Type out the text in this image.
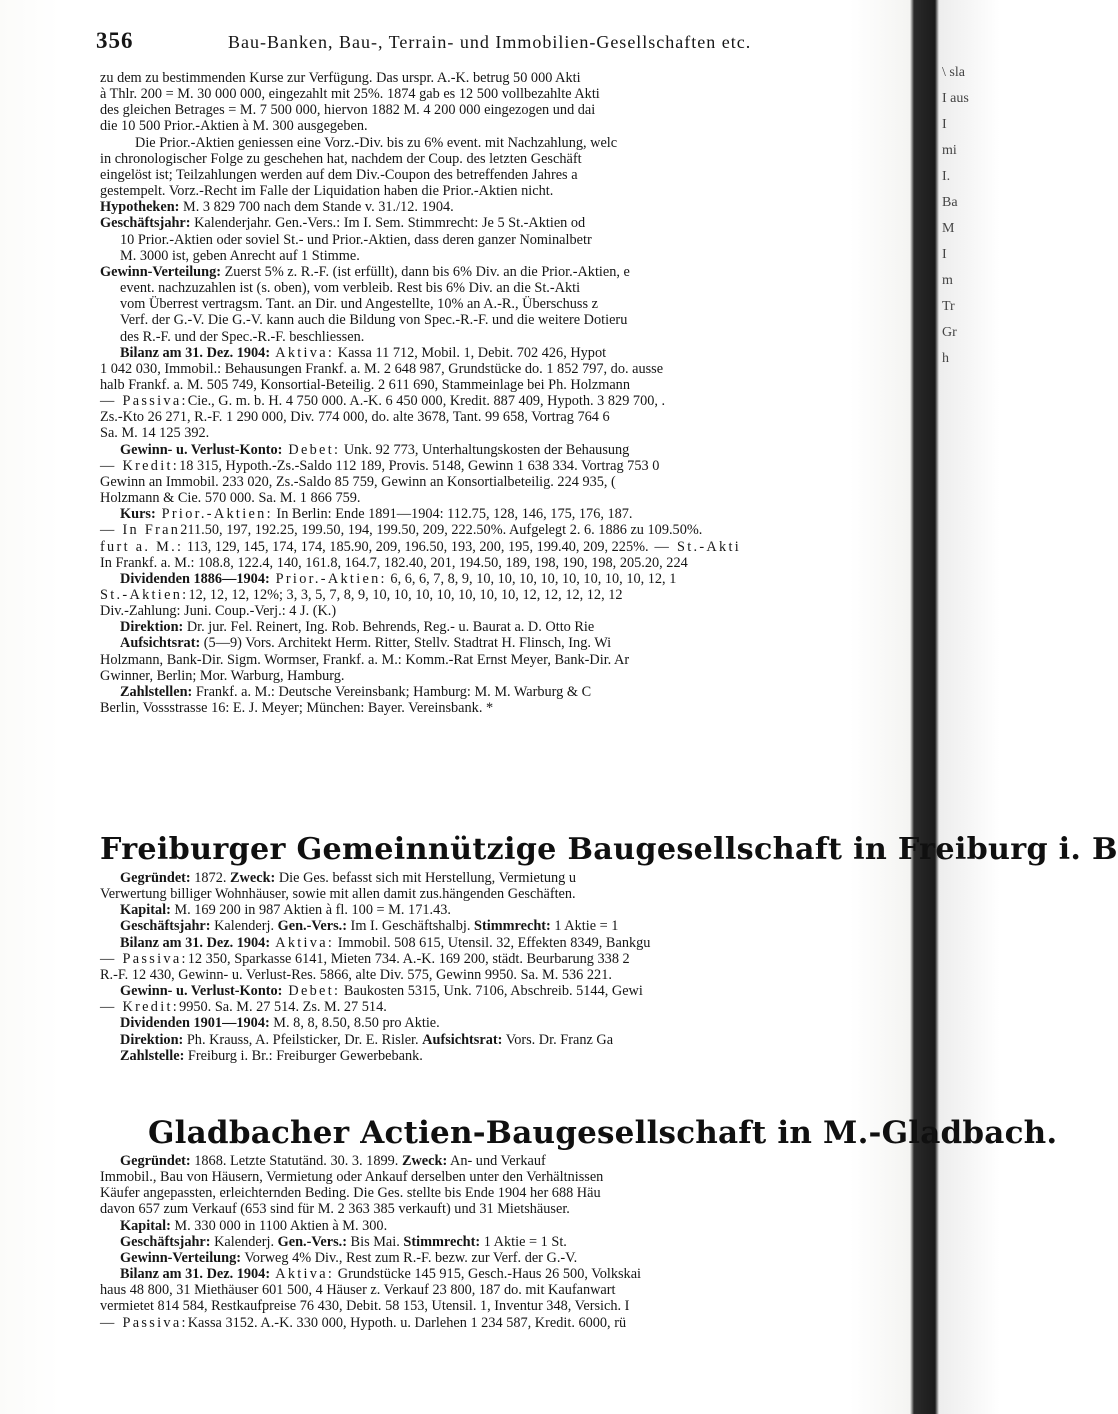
356	Bau-Banken, Bau-, Terrain- und Immobilien-Gesellschaften etc.

zu dem zu bestimmenden Kurse zur Verfügung. Das urspr. A.-K. betrug 50 000 Akti

à Thlr. 200 = M. 30 000 000, eingezahlt mit 25%. 1874 gab es 12 500 vollbezahlte Akti

des gleichen Betrages = M. 7 500 000, hiervon 1882 M. 4 200 000 eingezogen und dai

die 10 500 Prior.-Aktien à M. 300 ausgegeben.

Die Prior.-Aktien geniessen eine Vorz.-Div. bis zu 6% event. mit Nachzahlung, welc

in chronologischer Folge zu geschehen hat, nachdem der Coup. des letzten Geschäft

eingelöst ist; Teilzahlungen werden auf dem Div.-Coupon des betreffenden Jahres a

gestempelt. Vorz.-Recht im Falle der Liquidation haben die Prior.-Aktien nicht.

Hypotheken: M. 3 829 700 nach dem Stande v. 31./12. 1904.

Geschäftsjahr: Kalenderjahr. Gen.-Vers.: Im I. Sem. Stimmrecht: Je 5 St.-Aktien od

10 Prior.-Aktien oder soviel St.- und Prior.-Aktien, dass deren ganzer Nominalbetr

M. 3000 ist, geben Anrecht auf 1 Stimme.

Gewinn-Verteilung: Zuerst 5% z. R.-F. (ist erfüllt), dann bis 6% Div. an die Prior.-Aktien, e

event. nachzuzahlen ist (s. oben), vom verbleib. Rest bis 6% Div. an die St.-Akti

vom Überrest vertragsm. Tant. an Dir. und Angestellte, 10% an A.-R., Überschuss z

Verf. der G.-V. Die G.-V. kann auch die Bildung von Spec.-R.-F. und die weitere Dotieru

des R.-F. und der Spec.-R.-F. beschliessen.

Bilanz am 31. Dez. 1904: Aktiva: Kassa 11 712, Mobil. 1, Debit. 702 426, Hypot

1 042 030, Immobil.: Behausungen Frankf. a. M. 2 648 987, Grundstücke do. 1 852 797, do. ausse

halb Frankf. a. M. 505 749, Konsortial-Beteilig. 2 611 690, Stammeinlage bei Ph. Holzmann

— Passiva:Cie., G. m. b. H. 4 750 000. A.-K. 6 450 000, Kredit. 887 409, Hypoth. 3 829 700, .

Zs.-Kto 26 271, R.-F. 1 290 000, Div. 774 000, do. alte 3678, Tant. 99 658, Vortrag 764 6

Sa. M. 14 125 392.

Gewinn- u. Verlust-Konto: Debet: Unk. 92 773, Unterhaltungskosten der Behausung

— Kredit:18 315, Hypoth.-Zs.-Saldo 112 189, Provis. 5148, Gewinn 1 638 334. Vortrag 753 0

Gewinn an Immobil. 233 020, Zs.-Saldo 85 759, Gewinn an Konsortialbeteilig. 224 935, (

Holzmann & Cie. 570 000. Sa. M. 1 866 759.

Kurs: Prior.-Aktien: In Berlin: Ende 1891—1904: 112.75, 128, 146, 175, 176, 187.

— In Fran211.50, 197, 192.25, 199.50, 194, 199.50, 209, 222.50%. Aufgelegt 2. 6. 1886 zu 109.50%.

furt a. M.: 113, 129, 145, 174, 174, 185.90, 209, 196.50, 193, 200, 195, 199.40, 209, 225%. — St.-Akti

In Frankf. a. M.: 108.8, 122.4, 140, 161.8, 164.7, 182.40, 201, 194.50, 189, 198, 190, 198, 205.20, 224

Dividenden 1886—1904: Prior.-Aktien: 6, 6, 6, 7, 8, 9, 10, 10, 10, 10, 10, 10, 10, 10, 12, 1

St.-Aktien:12, 12, 12, 12%; 3, 3, 5, 7, 8, 9, 10, 10, 10, 10, 10, 10, 10, 12, 12, 12, 12, 12

Div.-Zahlung: Juni. Coup.-Verj.: 4 J. (K.)

Direktion: Dr. jur. Fel. Reinert, Ing. Rob. Behrends, Reg.- u. Baurat a. D. Otto Rie

Aufsichtsrat: (5—9) Vors. Architekt Herm. Ritter, Stellv. Stadtrat H. Flinsch, Ing. Wi

Holzmann, Bank-Dir. Sigm. Wormser, Frankf. a. M.: Komm.-Rat Ernst Meyer, Bank-Dir. Ar

Gwinner, Berlin; Mor. Warburg, Hamburg.

Zahlstellen: Frankf. a. M.: Deutsche Vereinsbank; Hamburg: M. M. Warburg & C

Berlin, Vossstrasse 16: E. J. Meyer; München: Bayer. Vereinsbank. *

Freiburger Gemeinnützige Baugesellschaft in Freiburg i. B

Gegründet: 1872. Zweck: Die Ges. befasst sich mit Herstellung, Vermietung u

Verwertung billiger Wohnhäuser, sowie mit allen damit zus.hängenden Geschäften.

Kapital: M. 169 200 in 987 Aktien à fl. 100 = M. 171.43.

Geschäftsjahr: Kalenderj. Gen.-Vers.: Im I. Geschäftshalbj. Stimmrecht: 1 Aktie = 1

Bilanz am 31. Dez. 1904: Aktiva: Immobil. 508 615, Utensil. 32, Effekten 8349, Bankgu

— Passiva:12 350, Sparkasse 6141, Mieten 734. A.-K. 169 200, städt. Beurbarung 338 2

R.-F. 12 430, Gewinn- u. Verlust-Res. 5866, alte Div. 575, Gewinn 9950. Sa. M. 536 221.

Gewinn- u. Verlust-Konto: Debet: Baukosten 5315, Unk. 7106, Abschreib. 5144, Gewi

— Kredit:9950. Sa. M. 27 514. Zs. M. 27 514.

Dividenden 1901—1904: M. 8, 8, 8.50, 8.50 pro Aktie.

Direktion: Ph. Krauss, A. Pfeilsticker, Dr. E. Risler. Aufsichtsrat: Vors. Dr. Franz Ga

Zahlstelle: Freiburg i. Br.: Freiburger Gewerbebank.

Gladbacher Actien-Baugesellschaft in M.-Gladbach.

Gegründet: 1868. Letzte Statutänd. 30. 3. 1899. Zweck: An- und Verkauf

Immobil., Bau von Häusern, Vermietung oder Ankauf derselben unter den Verhältnissen

Käufer angepassten, erleichternden Beding. Die Ges. stellte bis Ende 1904 her 688 Häu

davon 657 zum Verkauf (653 sind für M. 2 363 385 verkauft) und 31 Mietshäuser.

Kapital: M. 330 000 in 1100 Aktien à M. 300.

Geschäftsjahr: Kalenderj. Gen.-Vers.: Bis Mai. Stimmrecht: 1 Aktie = 1 St.

Gewinn-Verteilung: Vorweg 4% Div., Rest zum R.-F. bezw. zur Verf. der G.-V.

Bilanz am 31. Dez. 1904: Aktiva: Grundstücke 145 915, Gesch.-Haus 26 500, Volkskai

haus 48 800, 31 Miethäuser 601 500, 4 Häuser z. Verkauf 23 800, 187 do. mit Kaufanwart

vermietet 814 584, Restkaufpreise 76 430, Debit. 58 153, Utensil. 1, Inventur 348, Versich. I

— Passiva:Kassa 3152. A.-K. 330 000, Hypoth. u. Darlehen 1 234 587, Kredit. 6000, rü

\ sla
I aus
I
mi
I.
Ba
M
I
m
Tr
Gr
h
